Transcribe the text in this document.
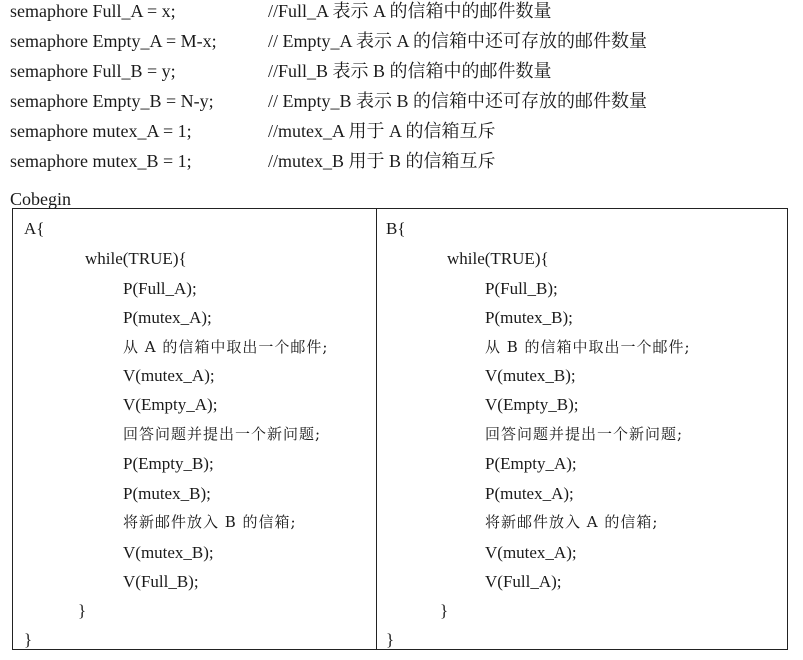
semaphore Full_A = x;	//Full_A 表示 A 的信箱中的邮件数量
semaphore Empty_A = M-x;	// Empty_A 表示 A 的信箱中还可存放的邮件数量
semaphore Full_B = y;	//Full_B 表示 B 的信箱中的邮件数量
semaphore Empty_B = N-y;	// Empty_B 表示 B 的信箱中还可存放的邮件数量
semaphore mutex_A = 1;	//mutex_A 用于 A 的信箱互斥
semaphore mutex_B = 1;	//mutex_B 用于 B 的信箱互斥
Cobegin
A{
while(TRUE){
P(Full_A);
P(mutex_A);
从 A 的信箱中取出一个邮件;
V(mutex_A);
V(Empty_A);
回答问题并提出一个新问题;
P(Empty_B);
P(mutex_B);
将新邮件放入 B 的信箱;
V(mutex_B);
V(Full_B);
}
}
B{
while(TRUE){
P(Full_B);
P(mutex_B);
从 B 的信箱中取出一个邮件;
V(mutex_B);
V(Empty_B);
回答问题并提出一个新问题;
P(Empty_A);
P(mutex_A);
将新邮件放入 A 的信箱;
V(mutex_A);
V(Full_A);
}
}
